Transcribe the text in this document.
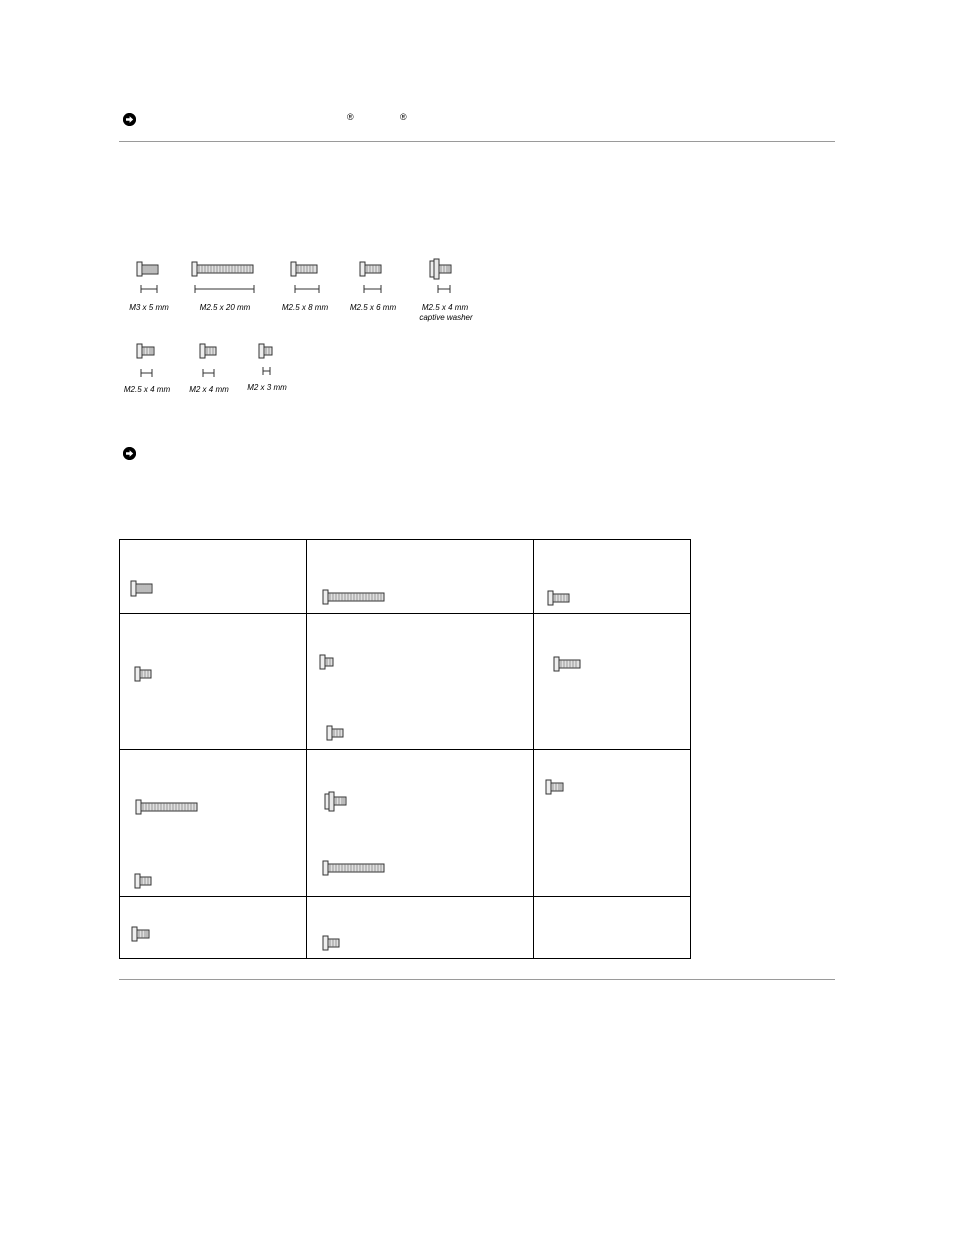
®	®
M3 x 5 mm	M2.5 x 20 mm	M2.5 x 8 mm	M2.5 x 6 mm	M2.5 x 4 mm
captive washer
M2.5 x 4 mm	M2 x 4 mm	M2 x 3 mm
